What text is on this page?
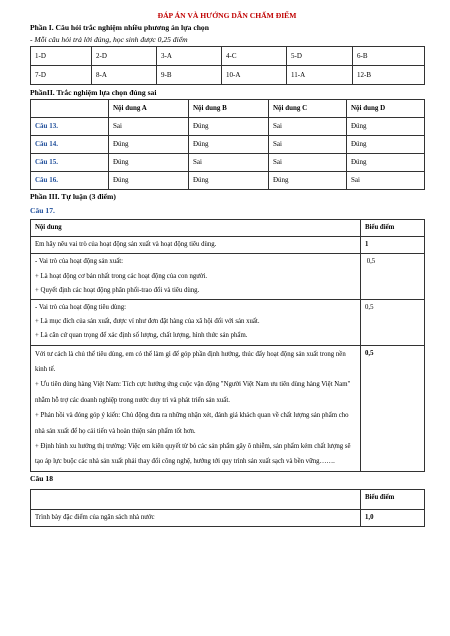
ĐÁP ÁN VÀ HƯỚNG DẪN CHẤM ĐIỂM
Phần I. Câu hỏi trắc nghiệm nhiều phương án lựa chọn
- Mỗi câu hỏi trả lời đúng, học sinh được 0,25 điểm
1-D	2-D	3-A	4-C	5-D	6-B
7-D	8-A	9-B	10-A	11-A	12-B
PhầnII. Trắc nghiệm lựa chọn đúng sai
	Nội dung A	Nội dung B	Nội dung C	Nội dung D
Câu 13.	Sai	Đúng	Sai	Đúng
Câu 14.	Đúng	Đúng	Sai	Đúng
Câu 15.	Đúng	Sai	Sai	Đúng
Câu 16.	Đúng	Đúng	Đúng	Sai
Phần III. Tự luận (3 điểm)
Câu 17.
Nội dung	Biểu điểm

Em hãy nêu vai trò của hoạt động sản xuất và hoạt động tiêu dùng.	1

- Vai trò của hoạt động sản xuất:
+ Là hoạt động cơ bản nhất trong các hoạt động của con người.
+ Quyết định các hoạt động phân phối-trao đổi và tiêu dùng.	0,5

- Vai trò của hoạt động tiêu dùng:
+ Là mục đích của sản xuất, được ví như đơn đặt hàng của xã hội đối với sản xuất.
+ Là căn cứ quan trọng để xác định số lượng, chất lượng, hình thức sản phẩm.	0,5

Với tư cách là chủ thể tiêu dùng, em có thể làm gì để góp phần định hướng, thúc đẩy hoạt động sản xuất trong nền kinh tế.
+ Ưu tiên dùng hàng Việt Nam: Tích cực hưởng ứng cuộc vận động "Người Việt Nam ưu tiên dùng hàng Việt Nam" nhằm hỗ trợ các doanh nghiệp trong nước duy trì và phát triển sản xuất.
+ Phản hồi và đóng góp ý kiến: Chủ động đưa ra những nhận xét, đánh giá khách quan về chất lượng sản phẩm cho nhà sản xuất để họ cải tiến và hoàn thiện sản phẩm tốt hơn.
+ Định hình xu hướng thị trường: Việc em kiên quyết từ bỏ các sản phẩm gây ô nhiễm, sản phẩm kém chất lượng sẽ tạo áp lực buộc các nhà sản xuất phải thay đổi công nghệ, hướng tới quy trình sản xuất sạch và bền vững…….	0,5
Câu 18
	Biểu điểm
Trình bày đặc điểm của ngân sách nhà nước	1,0
